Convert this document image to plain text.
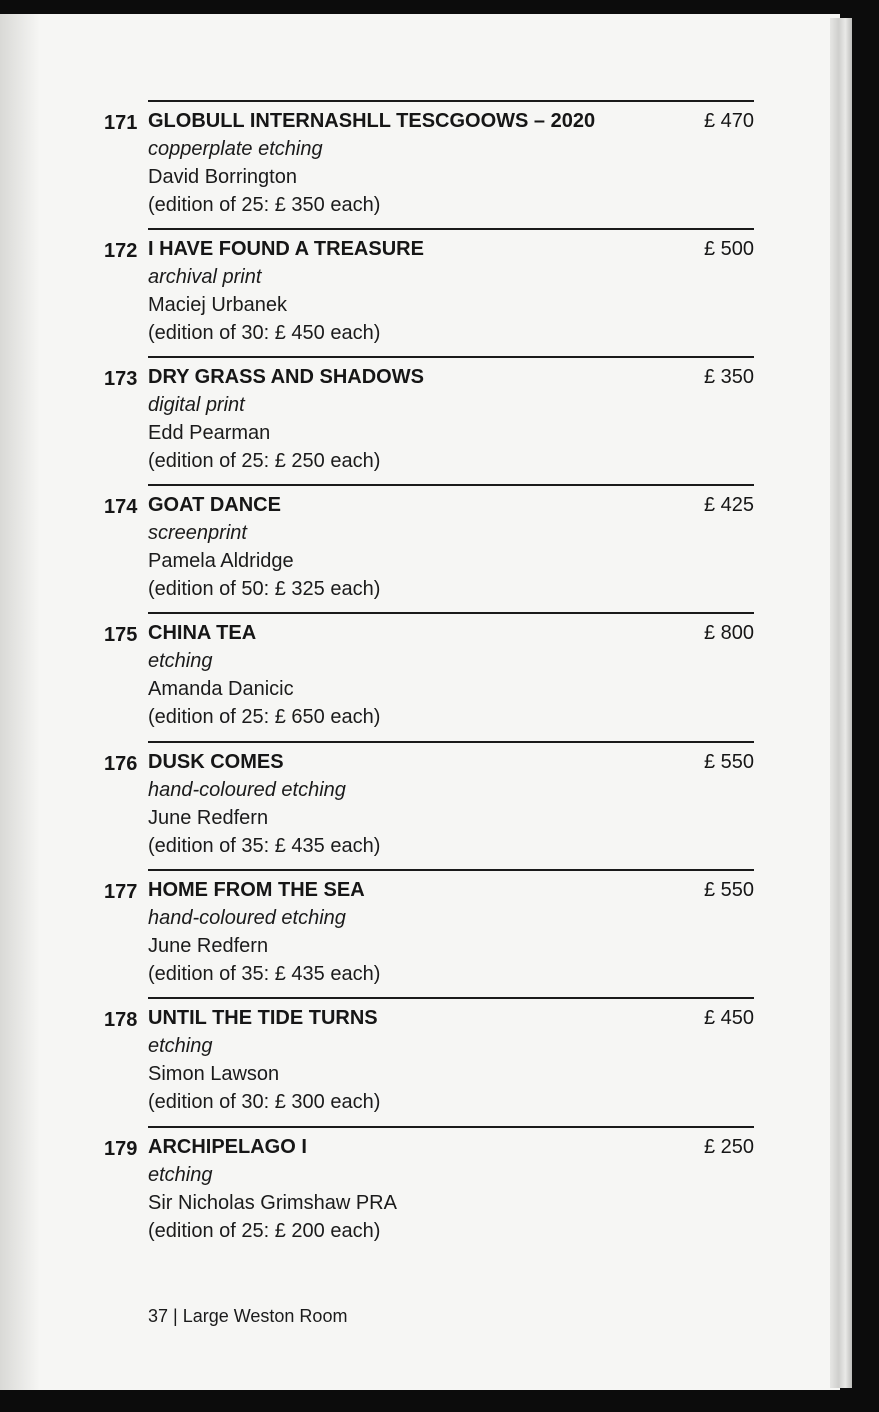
171 GLOBULL INTERNASHLL TESCGOOWS – 2020	£ 470
copperplate etching
David Borrington
(edition of 25: £ 350 each)
172 I HAVE FOUND A TREASURE	£ 500
archival print
Maciej Urbanek
(edition of 30: £ 450 each)
173 DRY GRASS AND SHADOWS	£ 350
digital print
Edd Pearman
(edition of 25: £ 250 each)
174 GOAT DANCE	£ 425
screenprint
Pamela Aldridge
(edition of 50: £ 325 each)
175 CHINA TEA	£ 800
etching
Amanda Danicic
(edition of 25: £ 650 each)
176 DUSK COMES	£ 550
hand-coloured etching
June Redfern
(edition of 35: £ 435 each)
177 HOME FROM THE SEA	£ 550
hand-coloured etching
June Redfern
(edition of 35: £ 435 each)
178 UNTIL THE TIDE TURNS	£ 450
etching
Simon Lawson
(edition of 30: £ 300 each)
179 ARCHIPELAGO I	£ 250
etching
Sir Nicholas Grimshaw PRA
(edition of 25: £ 200 each)
37 | Large Weston Room
